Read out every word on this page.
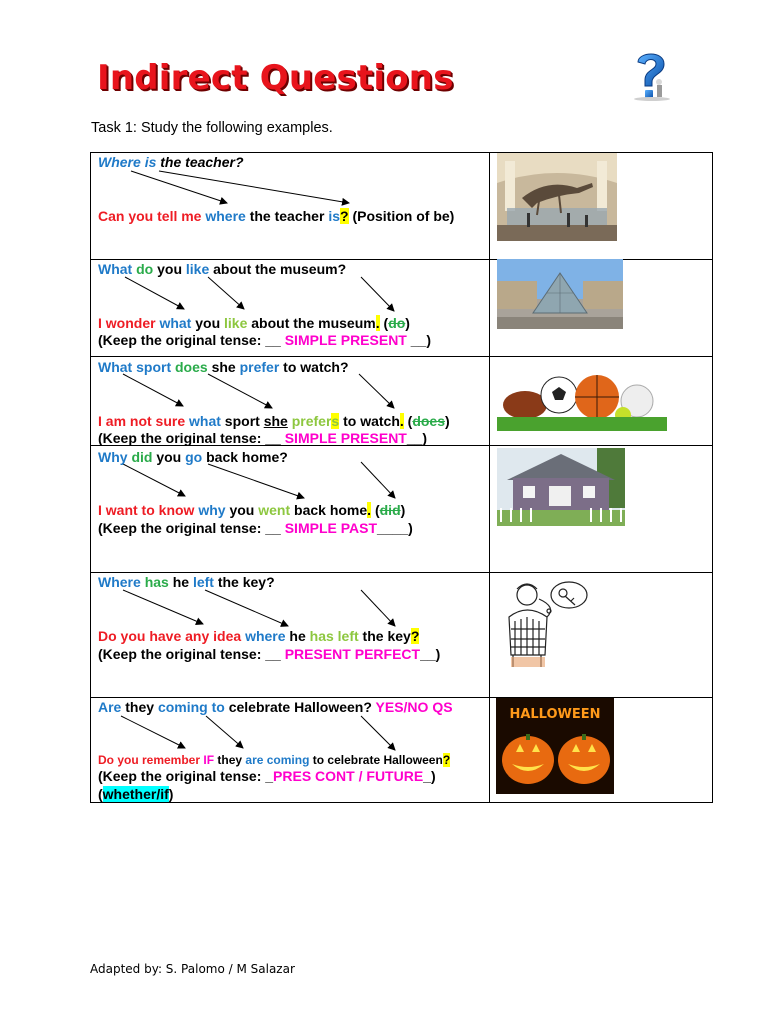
Indirect Questions
Task 1: Study the following examples.
Where is the teacher?
Can you tell me where the teacher is? (Position of be)
What do you like about the museum?
I wonder what you like about the museum. (do)
(Keep the original tense: __ SIMPLE PRESENT __)
What sport does she prefer to watch?
I am not sure what sport she prefers to watch. (does)
(Keep the original tense: __ SIMPLE PRESENT__)
Why did you go back home?
I want to know why you went back home. (did)
(Keep the original tense: __ SIMPLE PAST____)
Where has he left the key?
Do you have any idea where he has left the key?
(Keep the original tense: __ PRESENT PERFECT__)
Are they coming to celebrate Halloween? YES/NO QS
Do you remember IF they are coming to celebrate Halloween?
(Keep the original tense: _PRES CONT / FUTURE_)
(whether/if)
HALLOWEEN
Adapted by: S. Palomo / M Salazar
